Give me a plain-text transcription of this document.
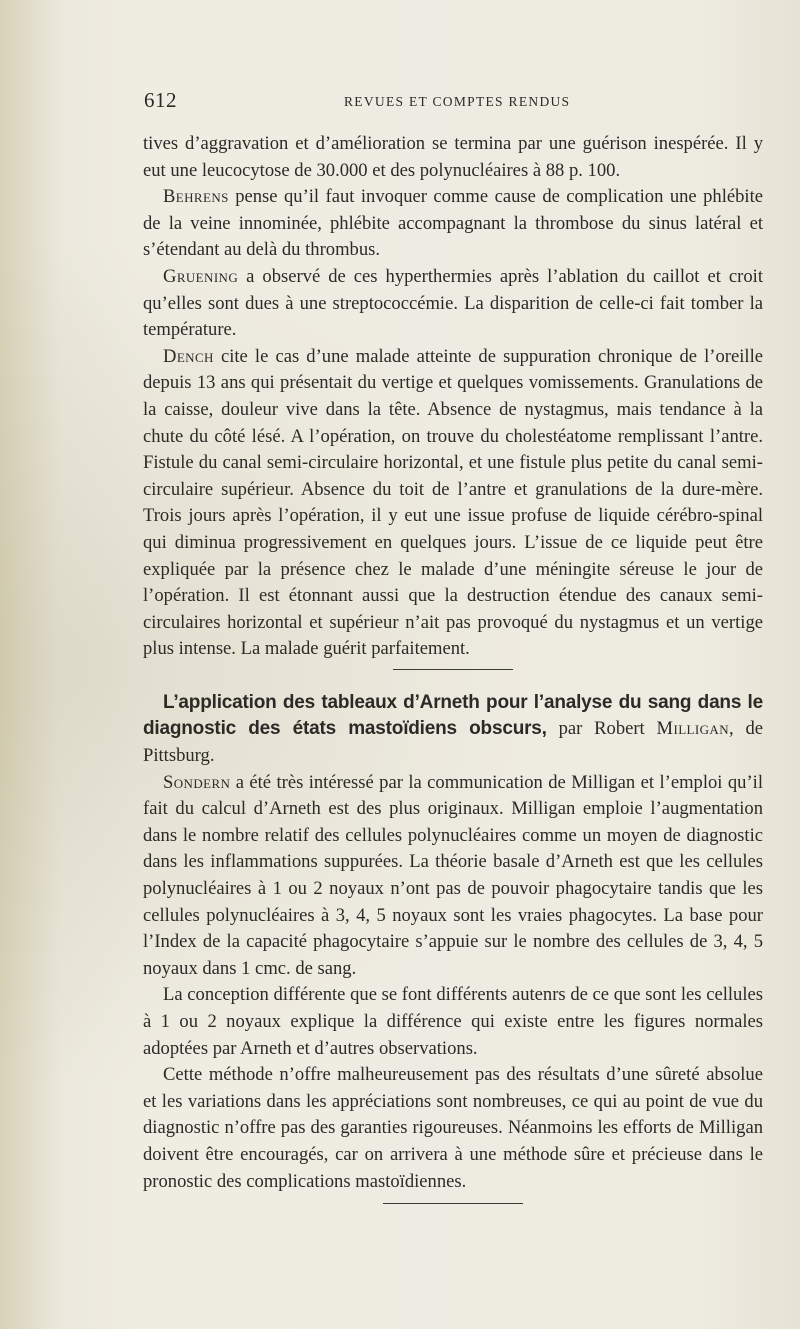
612	REVUES ET COMPTES RENDUS

tives d’aggravation et d’amélioration se termina par une guérison inespérée. Il y eut une leucocytose de 30.000 et des polynucléaires à 88 p. 100.

Behrens pense qu’il faut invoquer comme cause de complication une phlébite de la veine innominée, phlébite accompagnant la thrombose du sinus latéral et s’étendant au delà du thrombus.

Gruening a observé de ces hyperthermies après l’ablation du caillot et croit qu’elles sont dues à une streptococcémie. La disparition de celle-ci fait tomber la température.

Dench cite le cas d’une malade atteinte de suppuration chronique de l’oreille depuis 13 ans qui présentait du vertige et quelques vomissements. Granulations de la caisse, douleur vive dans la tête. Absence de nystagmus, mais tendance à la chute du côté lésé. A l’opération, on trouve du cholestéatome remplissant l’antre. Fistule du canal semi-circulaire horizontal, et une fistule plus petite du canal semi-circulaire supérieur. Absence du toit de l’antre et granulations de la dure-mère. Trois jours après l’opération, il y eut une issue profuse de liquide cérébro-spinal qui diminua progressivement en quelques jours. L’issue de ce liquide peut être expliquée par la présence chez le malade d’une méningite séreuse le jour de l’opération. Il est étonnant aussi que la destruction étendue des canaux semi-circulaires horizontal et supérieur n’ait pas provoqué du nystagmus et un vertige plus intense. La malade guérit parfaitement.

L’application des tableaux d’Arneth pour l’analyse du sang dans le diagnostic des états mastoïdiens obscurs, par Robert Milligan, de Pittsburg.

Sondern a été très intéressé par la communication de Milligan et l’emploi qu’il fait du calcul d’Arneth est des plus originaux. Milligan emploie l’augmentation dans le nombre relatif des cellules polynucléaires comme un moyen de diagnostic dans les inflammations suppurées. La théorie basale d’Arneth est que les cellules polynucléaires à 1 ou 2 noyaux n’ont pas de pouvoir phagocytaire tandis que les cellules polynucléaires à 3, 4, 5 noyaux sont les vraies phagocytes. La base pour l’Index de la capacité phagocytaire s’appuie sur le nombre des cellules de 3, 4, 5 noyaux dans 1 cmc. de sang.

La conception différente que se font différents autenrs de ce que sont les cellules à 1 ou 2 noyaux explique la différence qui existe entre les figures normales adoptées par Arneth et d’autres observations.

Cette méthode n’offre malheureusement pas des résultats d’une sûreté absolue et les variations dans les appréciations sont nombreuses, ce qui au point de vue du diagnostic n’offre pas des garanties rigoureuses. Néanmoins les efforts de Milligan doivent être encouragés, car on arrivera à une méthode sûre et précieuse dans le pronostic des complications mastoïdiennes.
